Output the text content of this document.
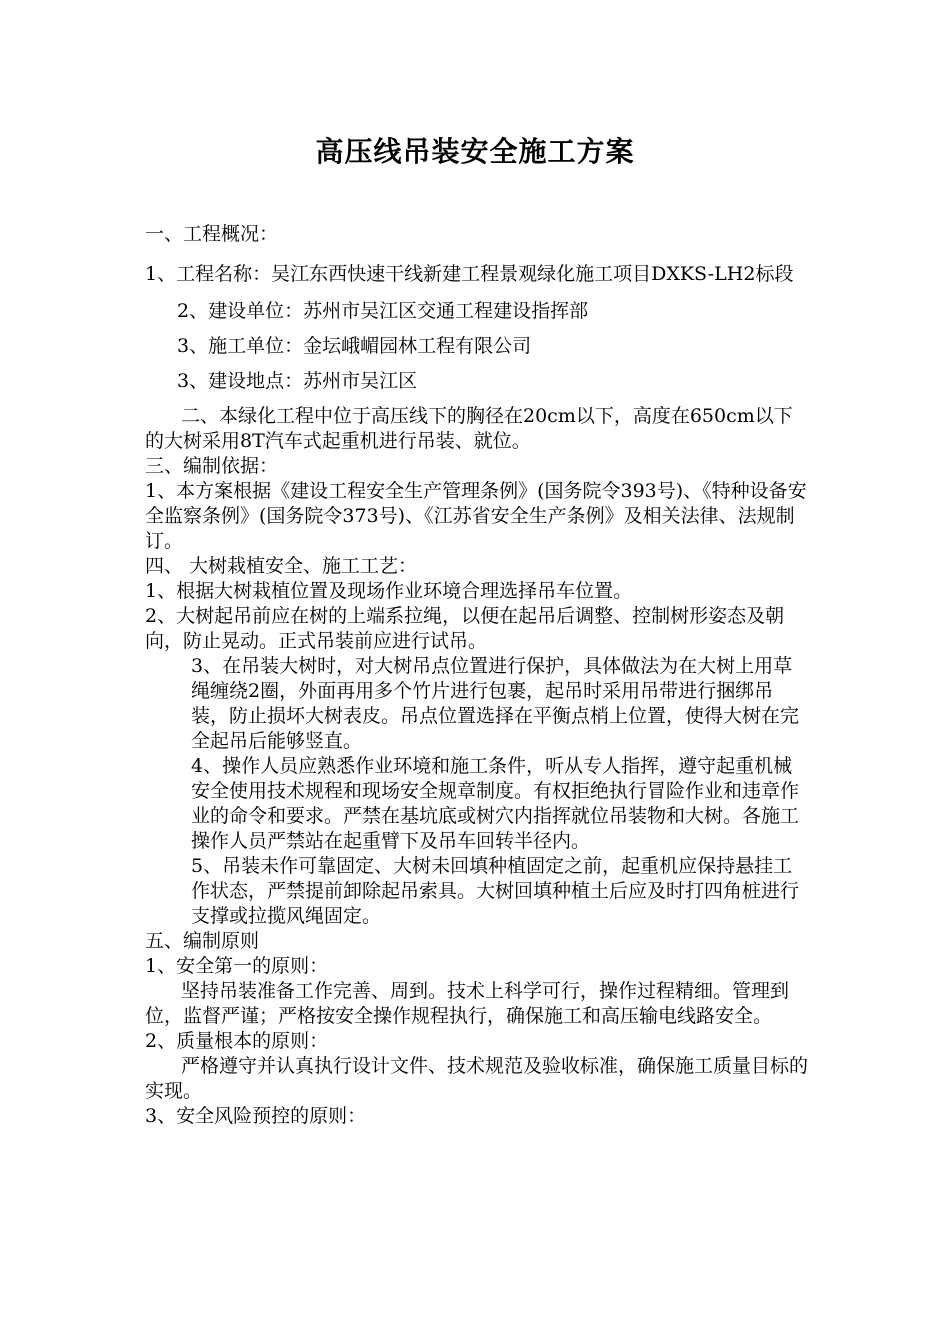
高压线吊装安全施工方案

一、工程概况：

1、工程名称：吴江东西快速干线新建工程景观绿化施工项目DXKS-LH2标段

2、建设单位：苏州市吴江区交通工程建设指挥部

3、施工单位：金坛峨嵋园林工程有限公司

3、建设地点：苏州市吴江区

二、本绿化工程中位于高压线下的胸径在20cm以下，高度在650cm以下的大树采用8T汽车式起重机进行吊装、就位。

三、编制依据：

1、本方案根据《建设工程安全生产管理条例》(国务院令393号)、《特种设备安全监察条例》(国务院令373号)、《江苏省安全生产条例》及相关法律、法规制订。

四、 大树栽植安全、施工工艺：

1、根据大树栽植位置及现场作业环境合理选择吊车位置。

2、大树起吊前应在树的上端系拉绳，以便在起吊后调整、控制树形姿态及朝向，防止晃动。正式吊装前应进行试吊。

3、在吊装大树时，对大树吊点位置进行保护，具体做法为在大树上用草绳缠绕2圈，外面再用多个竹片进行包裹，起吊时采用吊带进行捆绑吊装，防止损坏大树表皮。吊点位置选择在平衡点梢上位置，使得大树在完全起吊后能够竖直。

4、操作人员应熟悉作业环境和施工条件，听从专人指挥，遵守起重机械安全使用技术规程和现场安全规章制度。有权拒绝执行冒险作业和违章作业的命令和要求。严禁在基坑底或树穴内指挥就位吊装物和大树。各施工操作人员严禁站在起重臂下及吊车回转半径内。

5、吊装未作可靠固定、大树未回填种植固定之前，起重机应保持悬挂工作状态，严禁提前卸除起吊索具。大树回填种植土后应及时打四角桩进行支撑或拉揽风绳固定。

五、编制原则

1、安全第一的原则：

坚持吊装准备工作完善、周到。技术上科学可行，操作过程精细。管理到位，监督严谨；严格按安全操作规程执行，确保施工和高压输电线路安全。

2、质量根本的原则：

严格遵守并认真执行设计文件、技术规范及验收标准，确保施工质量目标的实现。

3、安全风险预控的原则：
